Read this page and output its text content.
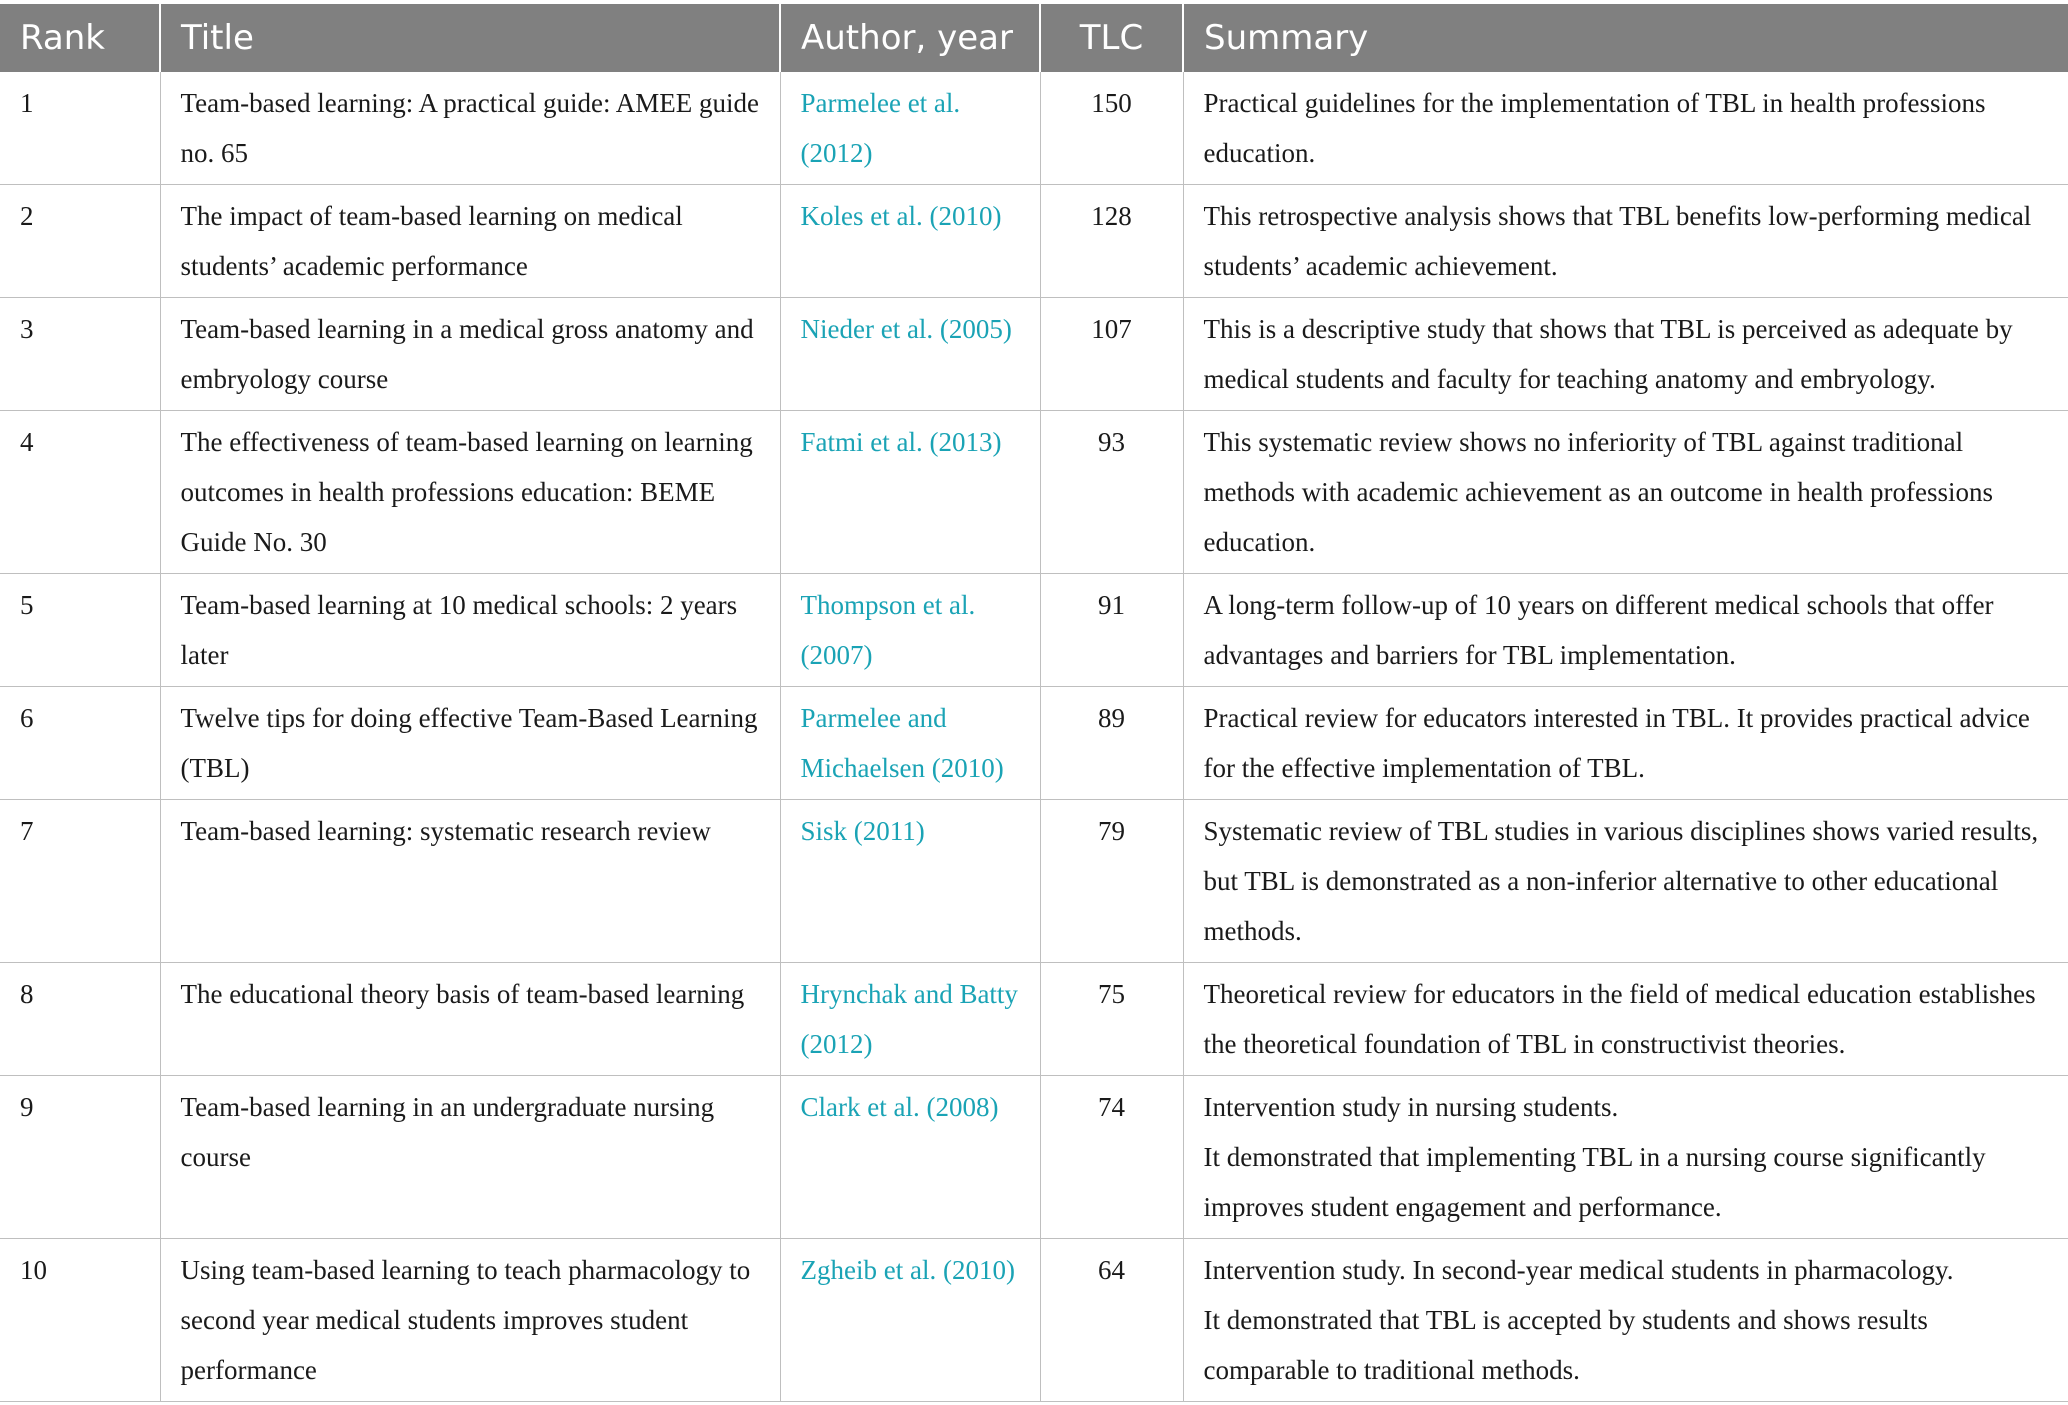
Rank	Title	Author, year	TLC	Summary
1	Team-based learning: A practical guide: AMEE guide no. 65	Parmelee et al. (2012)	150	Practical guidelines for the implementation of TBL in health professions education.

2	The impact of team-based learning on medical students’ academic performance	Koles et al. (2010)	128	This retrospective analysis shows that TBL benefits low-performing medical students’ academic achievement.

3	Team-based learning in a medical gross anatomy and embryology course	Nieder et al. (2005)	107	This is a descriptive study that shows that TBL is perceived as adequate by medical students and faculty for teaching anatomy and embryology.

4	The effectiveness of team-based learning on learning outcomes in health professions education: BEME Guide No. 30	Fatmi et al. (2013)	93	This systematic review shows no inferiority of TBL against traditional methods with academic achievement as an outcome in health professions education.

5	Team-based learning at 10 medical schools: 2 years later	Thompson et al. (2007)	91	A long-term follow-up of 10 years on different medical schools that offer advantages and barriers for TBL implementation.

6	Twelve tips for doing effective Team-Based Learning (TBL)	Parmelee and Michaelsen (2010)	89	Practical review for educators interested in TBL. It provides practical advice for the effective implementation of TBL.

7	Team-based learning: systematic research review	Sisk (2011)	79	Systematic review of TBL studies in various disciplines shows varied results, but TBL is demonstrated as a non-inferior alternative to other educational methods.

8	The educational theory basis of team-based learning	Hrynchak and Batty (2012)	75	Theoretical review for educators in the field of medical education establishes the theoretical foundation of TBL in constructivist theories.

9	Team-based learning in an undergraduate nursing course	Clark et al. (2008)	74	Intervention study in nursing students.
It demonstrated that implementing TBL in a nursing course significantly improves student engagement and performance.

10	Using team-based learning to teach pharmacology to second year medical students improves student performance	Zgheib et al. (2010)	64	Intervention study. In second-year medical students in pharmacology.
It demonstrated that TBL is accepted by students and shows results comparable to traditional methods.
